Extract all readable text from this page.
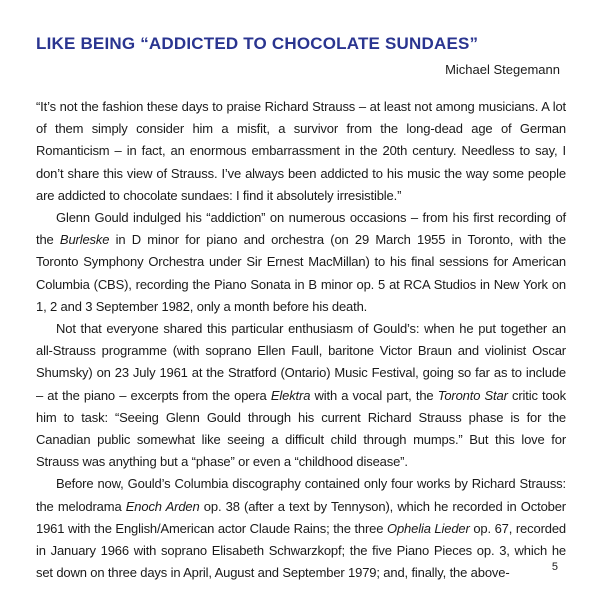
LIKE BEING “ADDICTED TO CHOCOLATE SUNDAES”
Michael Stegemann

“It’s not the fashion these days to praise Richard Strauss – at least not among musicians. A lot of them simply consider him a misfit, a survivor from the long-dead age of German Romanticism – in fact, an enormous embarrassment in the 20th century. Needless to say, I don’t share this view of Strauss. I’ve always been addicted to his music the way some people are addicted to chocolate sundaes: I find it absolutely irresistible.”

Glenn Gould indulged his “addiction” on numerous occasions – from his first recording of the Burleske in D minor for piano and orchestra (on 29 March 1955 in Toronto, with the Toronto Symphony Orchestra under Sir Ernest MacMillan) to his final sessions for American Columbia (CBS), recording the Piano Sonata in B minor op. 5 at RCA Studios in New York on 1, 2 and 3 September 1982, only a month before his death.

Not that everyone shared this particular enthusiasm of Gould’s: when he put together an all-Strauss programme (with soprano Ellen Faull, baritone Victor Braun and violinist Oscar Shumsky) on 23 July 1961 at the Stratford (Ontario) Music Festival, going so far as to include – at the piano – excerpts from the opera Elektra with a vocal part, the Toronto Star critic took him to task: “Seeing Glenn Gould through his current Richard Strauss phase is for the Canadian public somewhat like seeing a difficult child through mumps.” But this love for Strauss was anything but a “phase” or even a “childhood disease”.

Before now, Gould’s Columbia discography contained only four works by Richard Strauss: the melodrama Enoch Arden op. 38 (after a text by Tennyson), which he recorded in October 1961 with the English/American actor Claude Rains; the three Ophelia Lieder op. 67, recorded in January 1966 with soprano Elisabeth Schwarzkopf; the five Piano Pieces op. 3, which he set down on three days in April, August and September 1979; and, finally, the above-	5
